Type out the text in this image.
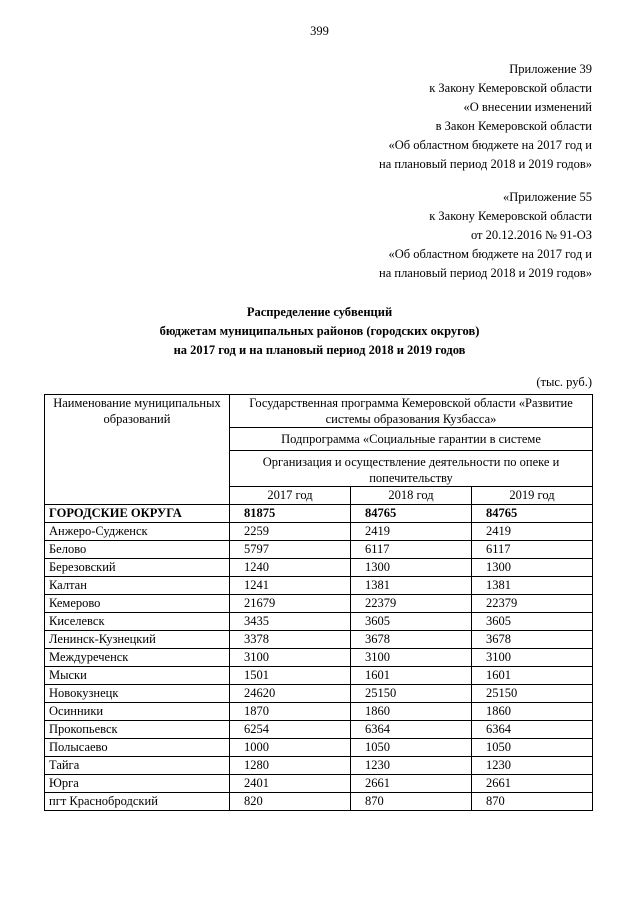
399
Приложение 39
к Закону Кемеровской области
«О внесении изменений
в Закон Кемеровской области
«Об областном бюджете на 2017 год и
на плановый период 2018 и 2019 годов»
«Приложение 55
к Закону Кемеровской области
от 20.12.2016 № 91-ОЗ
«Об областном бюджете на 2017 год и
на плановый период 2018 и 2019 годов»
Распределение субвенций
бюджетам муниципальных районов (городских округов)
на 2017 год и на плановый период 2018 и 2019 годов
(тыс. руб.)
Наименование муниципальных образований	Государственная программа Кемеровской области «Развитие системы образования Кузбасса»		
	Подпрограмма «Социальные гарантии в системе		
	Организация и осуществление деятельности по опеке и попечительству		
	2017 год	2018 год	2019 год
ГОРОДСКИЕ ОКРУГА	81875	84765	84765
Анжеро-Судженск	2259	2419	2419
Белово	5797	6117	6117
Березовский	1240	1300	1300
Калтан	1241	1381	1381
Кемерово	21679	22379	22379
Киселевск	3435	3605	3605
Ленинск-Кузнецкий	3378	3678	3678
Междуреченск	3100	3100	3100
Мыски	1501	1601	1601
Новокузнецк	24620	25150	25150
Осинники	1870	1860	1860
Прокопьевск	6254	6364	6364
Полысаево	1000	1050	1050
Тайга	1280	1230	1230
Юрга	2401	2661	2661
пгт Краснобродский	820	870	870
